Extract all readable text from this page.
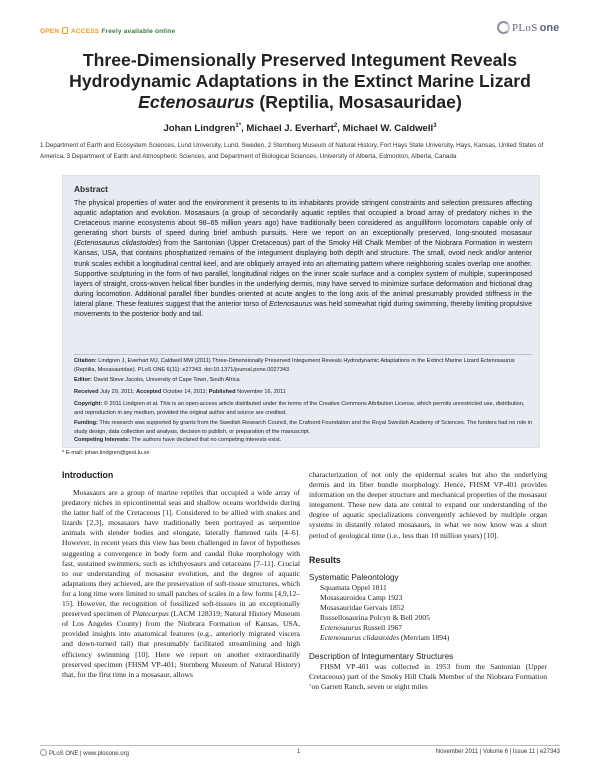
OPEN ACCESS Freely available online	PLoS one
Three-Dimensionally Preserved Integument Reveals
Hydrodynamic Adaptations in the Extinct Marine Lizard
Ectenosaurus (Reptilia, Mosasauridae)
Johan Lindgren$^{1*}$, Michael J. Everhart$^2$, Michael W. Caldwell$^3$
1 Department of Earth and Ecosystem Sciences, Lund University, Lund, Sweden, 2 Sternberg Museum of Natural History, Fort Hays State University, Hays, Kansas, United States of America, 3 Department of Earth and Atmospheric Sciences, and Department of Biological Sciences, University of Alberta, Edmonton, Alberta, Canada
Abstract
The physical properties of water and the environment it presents to its inhabitants provide stringent constraints and selection pressures affecting aquatic adaptation and evolution. Mosasaurs (a group of secondarily aquatic reptiles that occupied a broad array of predatory niches in the Cretaceous marine ecosystems about 98–65 million years ago) have traditionally been considered as anguilliform locomotors capable only of generating short bursts of speed during brief ambush pursuits. Here we report on an exceptionally preserved, long-snouted mosasaur (Ectenosaurus clidastoides) from the Santonian (Upper Cretaceous) part of the Smoky Hill Chalk Member of the Niobrara Formation in western Kansas, USA, that contains phosphatized remains of the integument displaying both depth and structure. The small, ovoid neck and/or anterior trunk scales exhibit a longitudinal central keel, and are obliquely arrayed into an alternating pattern where neighboring scales overlap one another. Supportive sculpturing in the form of two parallel, longitudinal ridges on the inner scale surface and a complex system of multiple, superimposed layers of straight, cross-woven helical fiber bundles in the underlying dermis, may have served to minimize surface deformation and frictional drag during locomotion. Additional parallel fiber bundles oriented at acute angles to the long axis of the animal presumably provided stiffness in the lateral plane. These features suggest that the anterior torso of Ectenosaurus was held somewhat rigid during swimming, thereby limiting propulsive movements to the posterior body and tail.
Citation: Lindgren J, Everhart MJ, Caldwell MW (2011) Three-Dimensionally Preserved Integument Reveals Hydrodynamic Adaptations in the Extinct Marine Lizard Ectenosaurus (Reptilia, Mosasauridae). PLoS ONE 6(11): e27343. doi:10.1371/journal.pone.0027343
Editor: David Steve Jacobs, University of Cape Town, South Africa
Received July 29, 2011; Accepted October 14, 2011; Published November 16, 2011
Copyright: © 2011 Lindgren et al. This is an open-access article distributed under the terms of the Creative Commons Attribution License, which permits unrestricted use, distribution, and reproduction in any medium, provided the original author and source are credited.
Funding: This research was supported by grants from the Swedish Research Council, the Crafoord Foundation and the Royal Swedish Academy of Sciences. The funders had no role in study design, data collection and analysis, decision to publish, or preparation of the manuscript.
Competing Interests: The authors have declared that no competing interests exist.
* E-mail: johan.lindgren@geol.lu.se
Introduction

Mosasaurs are a group of marine reptiles that occupied a wide array of predatory niches in epicontinental seas and shallow oceans worldwide during the latter half of the Cretaceous [1]. Considered to be allied with snakes and lizards [2,3], mosasaurs have traditionally been portrayed as serpentine animals with slender bodies and elongate, laterally flattened tails [4–6]. However, in recent years this view has been challenged in favor of hypotheses suggesting a convergence in body form and caudal fluke morphology with fast, sustained swimmers, such as ichthyosaurs and cetaceans [7–11]. Crucial to our understanding of mosasaur evolution, and the degree of aquatic adaptations they achieved, are the preservation of soft-tissue structures, which for a long time were limited to small patches of scales in a few forms [4,9,12–15]. However, the recognition of fossilized soft-tissues in an exceptionally preserved specimen of Platecarpus (LACM 128319; Natural History Museum of Los Angeles County) from the Niobrara Formation of Kansas, USA, provided insights into anatomical features (e.g., anteriorly migrated viscera and down-turned tail) that presumably facilitated streamlining and high efficiency swimming [10]. Here we report on another extraordinarily preserved specimen (FHSM VP-401; Sternberg Museum of Natural History) that, for the first time in a mosasaur, allows

characterization of not only the epidermal scales but also the underlying dermis and its fiber bundle morphology. Hence, FHSM VP-401 provides information on the deeper structure and mechanical properties of the mosasaur integument. These new data are central to expand our understanding of the degree of aquatic specializations convergently achieved by multiple organ systems in distantly related mosasaurs, in what we now know was a short period of geological time (i.e., less than 10 million years) [10].

Results
Systematic Paleontology
Squamata Oppel 1811
Mosasauroidea Camp 1923
Mosasauridae Gervais 1852
Russellosaurina Polcyn & Bell 2005
Ectenosaurus Russell 1967
Ectenosaurus clidastoides (Merriam 1894)
Description of Integumentary Structures

FHSM VP-401 was collected in 1953 from the Santonian (Upper Cretaceous) part of the Smoky Hill Chalk Member of the Niobrara Formation ‘on Garrett Ranch, seven or eight miles

PLoS ONE | www.plosone.org	1	November 2011 | Volume 6 | Issue 11 | e27343
